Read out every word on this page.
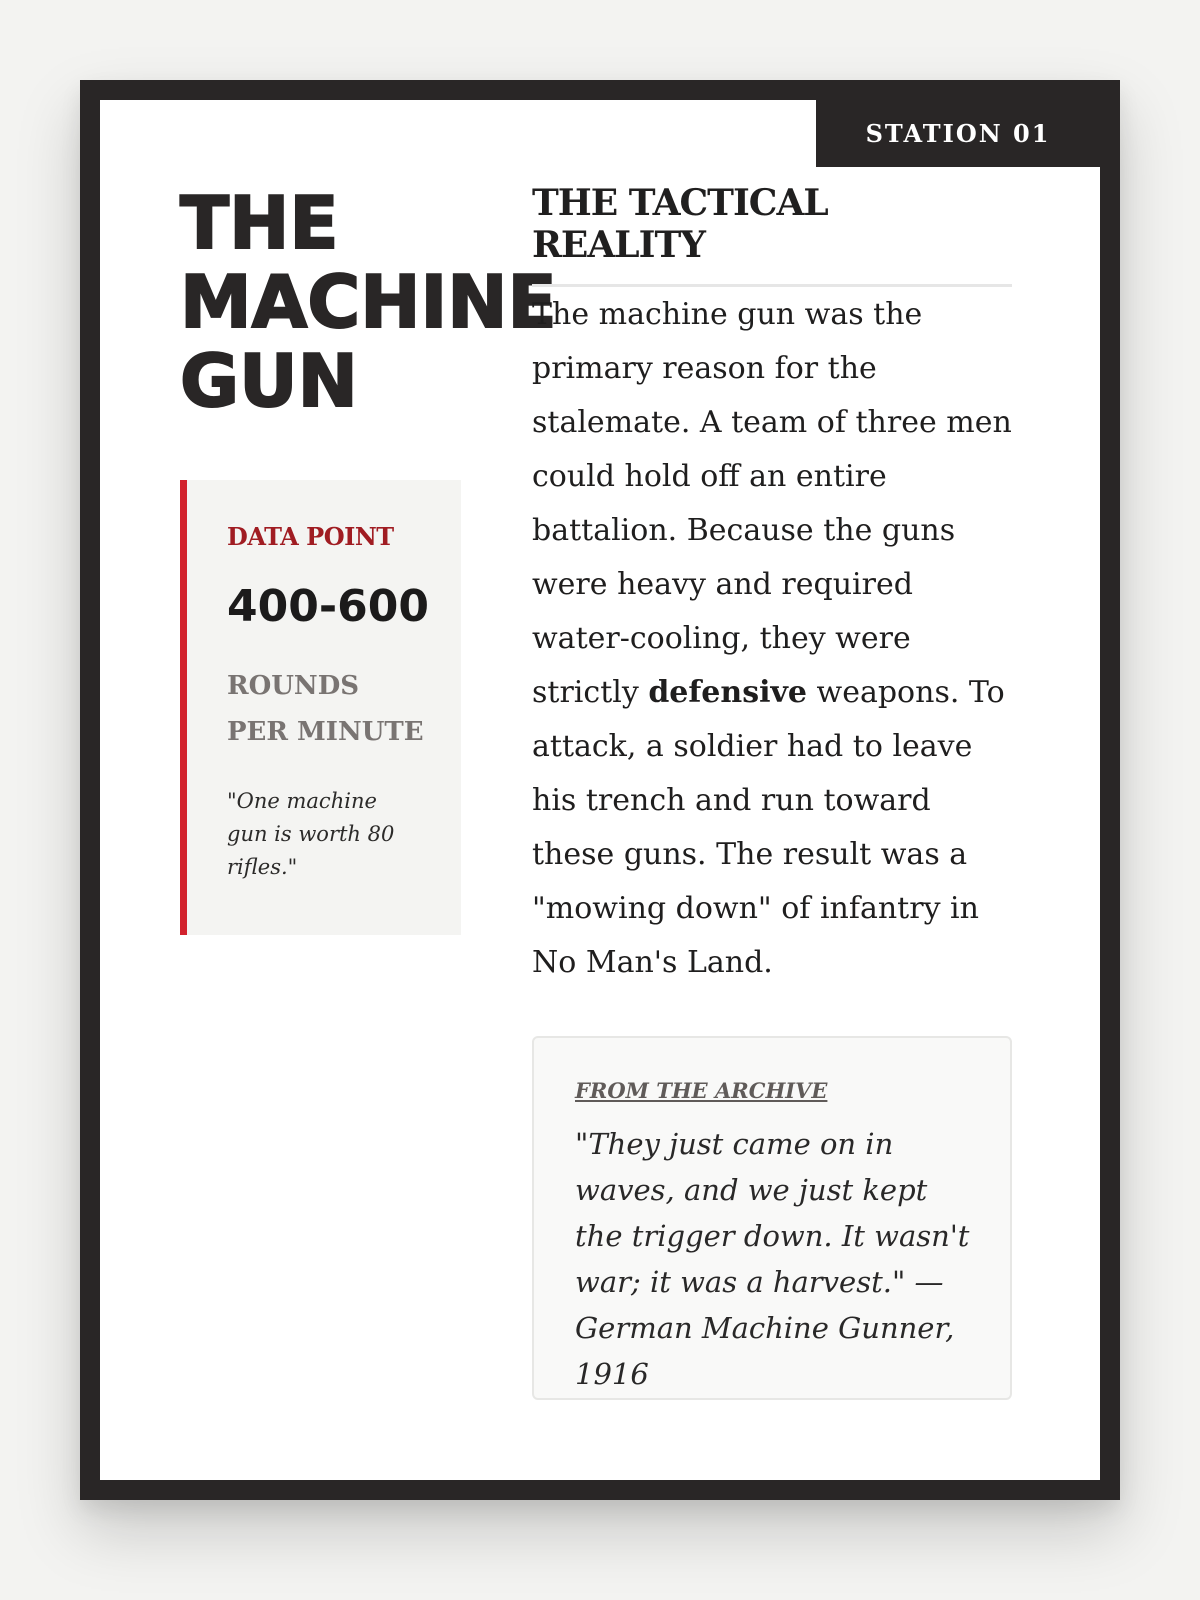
STATION 01
THE
MACHINE
GUN

DATA POINT

400-600

ROUNDS PER MINUTE

"One machine gun is worth 80 rifles."

THE TACTICAL REALITY

The machine gun was the primary reason for the stalemate. A team of three men could hold off an entire battalion. Because the guns were heavy and required water-cooling, they were strictly defensive weapons. To attack, a soldier had to leave his trench and run toward these guns. The result was a "mowing down" of infantry in No Man's Land.

FROM THE ARCHIVE

"They just came on in waves, and we just kept the trigger down. It wasn't war; it was a harvest." — German Machine Gunner, 1916
